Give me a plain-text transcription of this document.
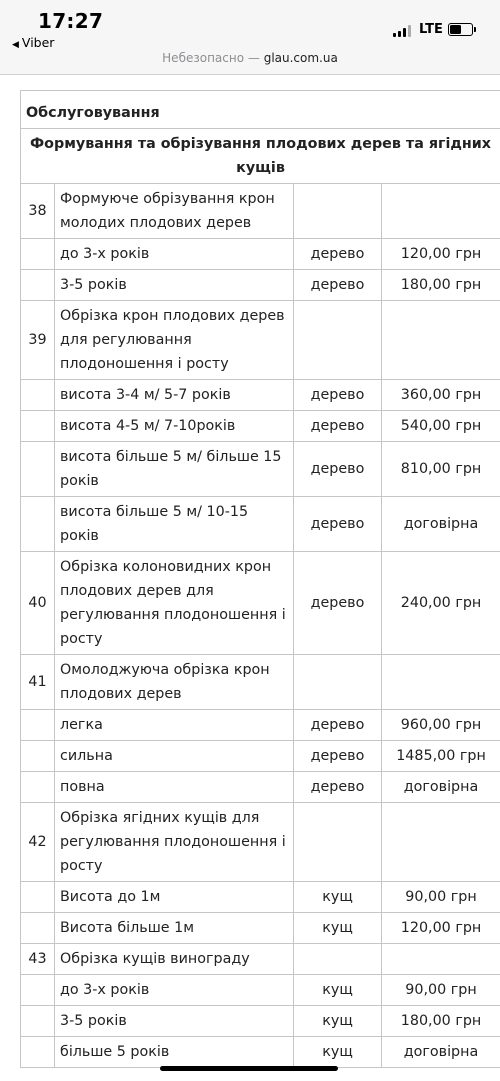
17:27
◀ Viber
LTE
Небезопасно — glau.com.ua
Обслуговування			
Формування та обрізування плодових дерев та ягідних кущів			
38	Формуюче обрізування крон молодих плодових дерев		
	до 3-х років	дерево	120,00 грн
	3-5 років	дерево	180,00 грн
39	Обрізка крон плодових дерев для регулювання плодоношення і росту		
	висота 3-4 м/ 5-7 років	дерево	360,00 грн
	висота 4-5 м/ 7-10років	дерево	540,00 грн
	висота більше 5 м/ більше 15 років	дерево	810,00 грн
	висота більше 5 м/ 10-15 років	дерево	договірна
40	Обрізка колоновидних крон плодових дерев для регулювання плодоношення і росту	дерево	240,00 грн
41	Омолоджуюча обрізка крон плодових дерев		
	легка	дерево	960,00 грн
	сильна	дерево	1485,00 грн
	повна	дерево	договірна
42	Обрізка ягідних кущів для регулювання плодоношення і росту		
	Висота до 1м	кущ	90,00 грн
	Висота більше 1м	кущ	120,00 грн
43	Обрізка кущів винограду		
	до 3-х років	кущ	90,00 грн
	3-5 років	кущ	180,00 грн
	більше 5 років	кущ	договірна
